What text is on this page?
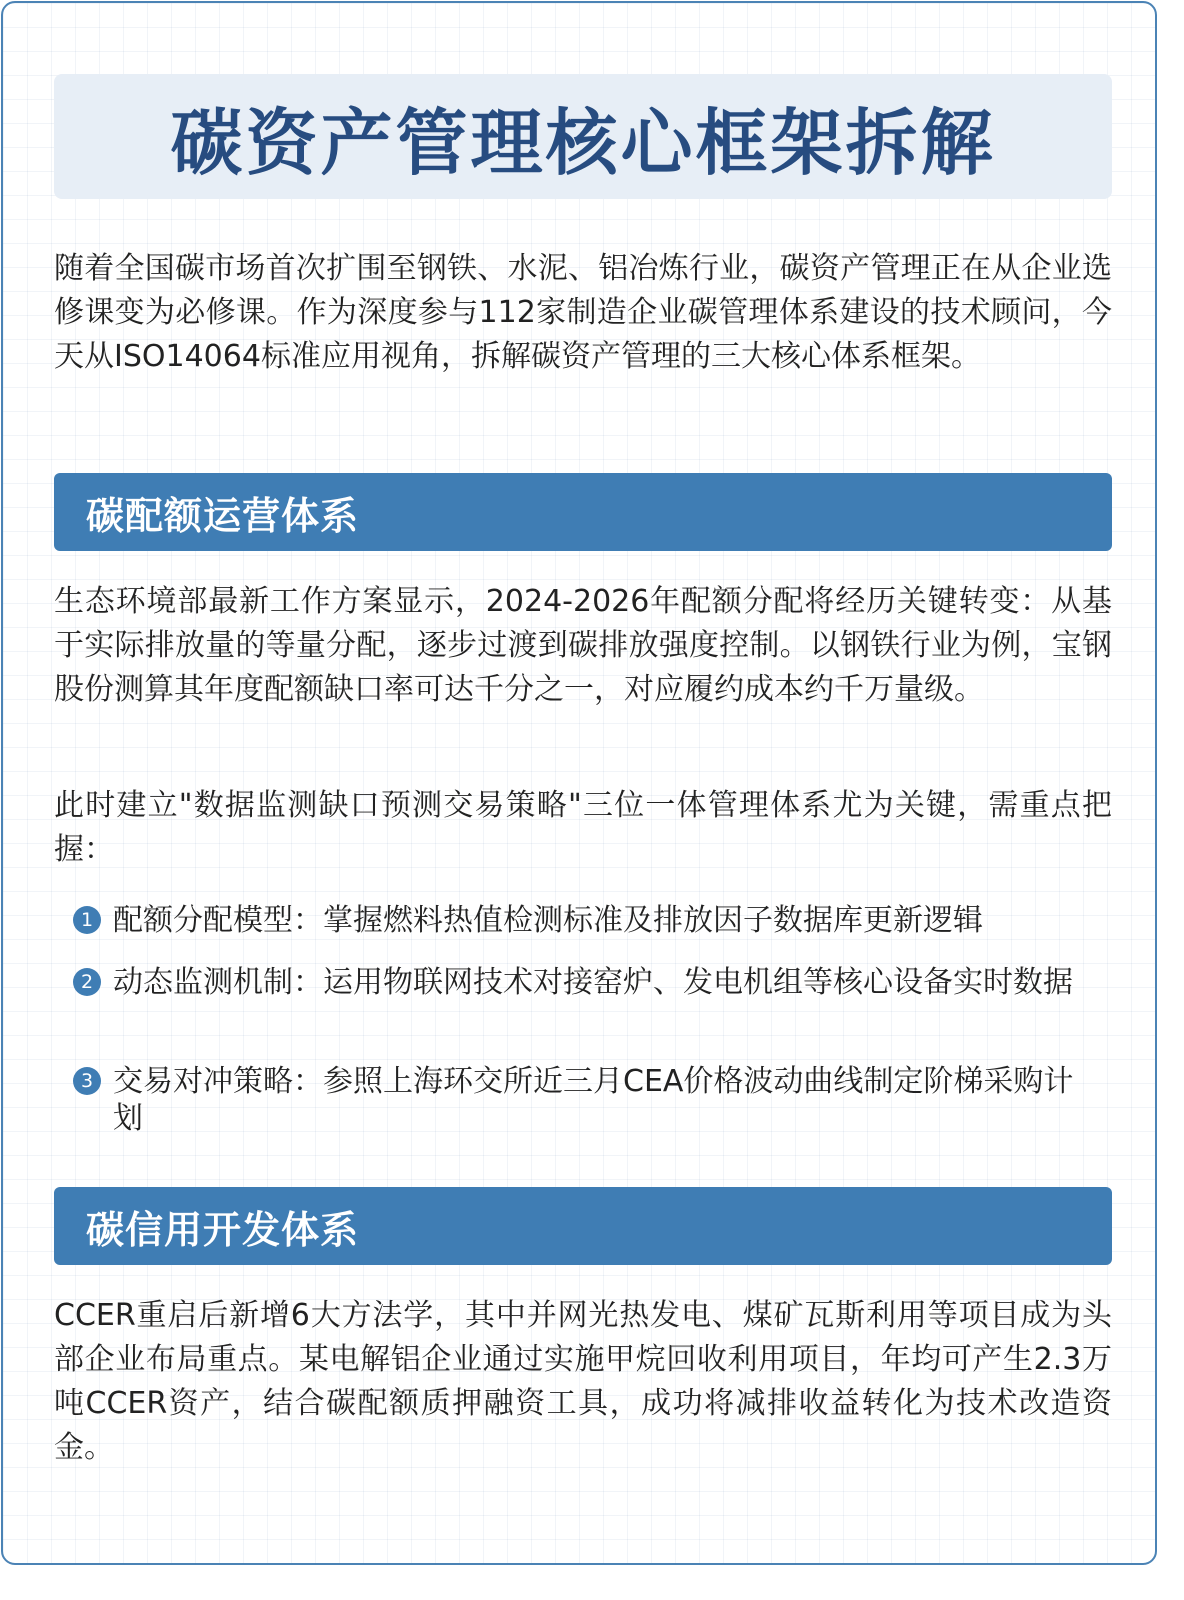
碳资产管理核心框架拆解

随着全国碳市场首次扩围至钢铁、水泥、铝冶炼行业，碳资产管理正在从企业选修课变为必修课。作为深度参与112家制造企业碳管理体系建设的技术顾问，今天从ISO14064标准应用视角，拆解碳资产管理的三大核心体系框架。

碳配额运营体系

生态环境部最新工作方案显示，2024-2026年配额分配将经历关键转变：从基于实际排放量的等量分配，逐步过渡到碳排放强度控制。以钢铁行业为例，宝钢股份测算其年度配额缺口率可达千分之一，对应履约成本约千万量级。

此时建立"数据监测缺口预测交易策略"三位一体管理体系尤为关键，需重点把握：

1 配额分配模型：掌握燃料热值检测标准及排放因子数据库更新逻辑
2 动态监测机制：运用物联网技术对接窑炉、发电机组等核心设备实时数据
3 交易对冲策略：参照上海环交所近三月CEA价格波动曲线制定阶梯采购计划
碳信用开发体系

CCER重启后新增6大方法学，其中并网光热发电、煤矿瓦斯利用等项目成为头部企业布局重点。某电解铝企业通过实施甲烷回收利用项目，年均可产生2.3万吨CCER资产，结合碳配额质押融资工具，成功将减排收益转化为技术改造资金。
